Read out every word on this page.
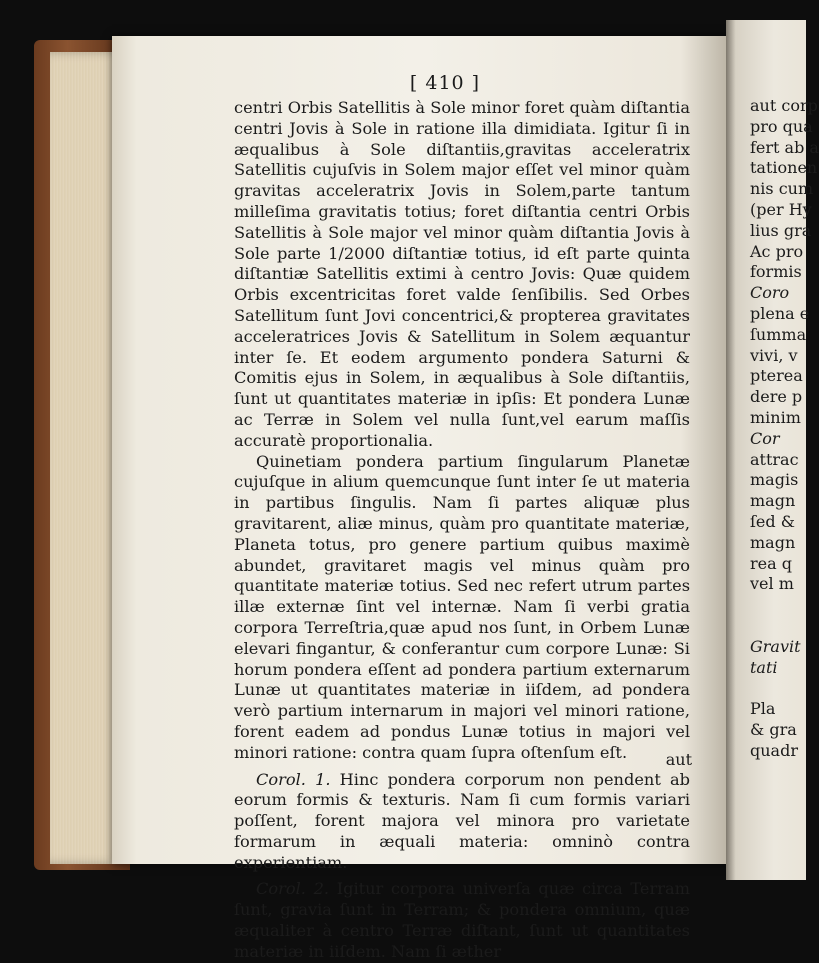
[ 410 ]

centri Orbis Satellitis à Sole minor foret quàm diſtantia centri Jovis à Sole in ratione illa dimidiata. Igitur ſi in æqualibus à Sole diſtantiis,gravitas acceleratrix Satellitis cujuſvis in Solem major eſſet vel minor quàm gravitas acceleratrix Jovis in Solem,parte tantum milleſima gravitatis totius; foret diſtantia centri Orbis Satellitis à Sole major vel minor quàm diſtantia Jovis à Sole parte 1/2000 diſtantiæ totius, id eſt parte quinta diſtantiæ Satellitis extimi à centro Jovis: Quæ quidem Orbis excentricitas foret valde ſenſibilis. Sed Orbes Satellitum ſunt Jovi concentrici,& propterea gravitates acceleratrices Jovis & Satellitum in Solem æquantur inter ſe. Et eodem argumento pondera Saturni & Comitis ejus in Solem, in æqualibus à Sole diſtantiis, ſunt ut quantitates materiæ in ipſis: Et pondera Lunæ ac Terræ in Solem vel nulla ſunt,vel earum maſſis accuratè proportionalia.

Quinetiam pondera partium ſingularum Planetæ cujuſque in alium quemcunque ſunt inter ſe ut materia in partibus ſingulis. Nam ſi partes aliquæ plus gravitarent, aliæ minus, quàm pro quantitate materiæ, Planeta totus, pro genere partium quibus maximè abundet, gravitaret magis vel minus quàm pro quantitate materiæ totius. Sed nec refert utrum partes illæ externæ ſint vel internæ. Nam ſi verbi gratia corpora Terreſtria,quæ apud nos ſunt, in Orbem Lunæ elevari fingantur, & conferantur cum corpore Lunæ: Si horum pondera eſſent ad pondera partium externarum Lunæ ut quantitates materiæ in iiſdem, ad pondera verò partium internarum in majori vel minori ratione, forent eadem ad pondus Lunæ totius in majori vel minori ratione: contra quam ſupra oſtenſum eſt.

Corol. 1. Hinc pondera corporum non pendent ab eorum formis & texturis. Nam ſi cum formis variari poſſent, forent majora vel minora pro varietate formarum in æquali materia: omninò contra experientiam.

Corol. 2. Igitur corpora univerſa quæ circa Terram ſunt, gravia ſunt in Terram; & pondera omnium, quæ æqualiter à centro Terræ diſtant, ſunt ut quantitates materiæ in iiſdem. Nam ſi æther

aut
aut corp
pro qua
fert ab a
tationen
nis cum
(per Hy
lius gra
Ac pro
formis
Coro
plena e
ſumma
vivi, v
pterea
dere p
minim
Cor
attrac
magis
magn
ſed &
magn
rea q
vel m
Gravit
tati
Pla
& gra
quadr
